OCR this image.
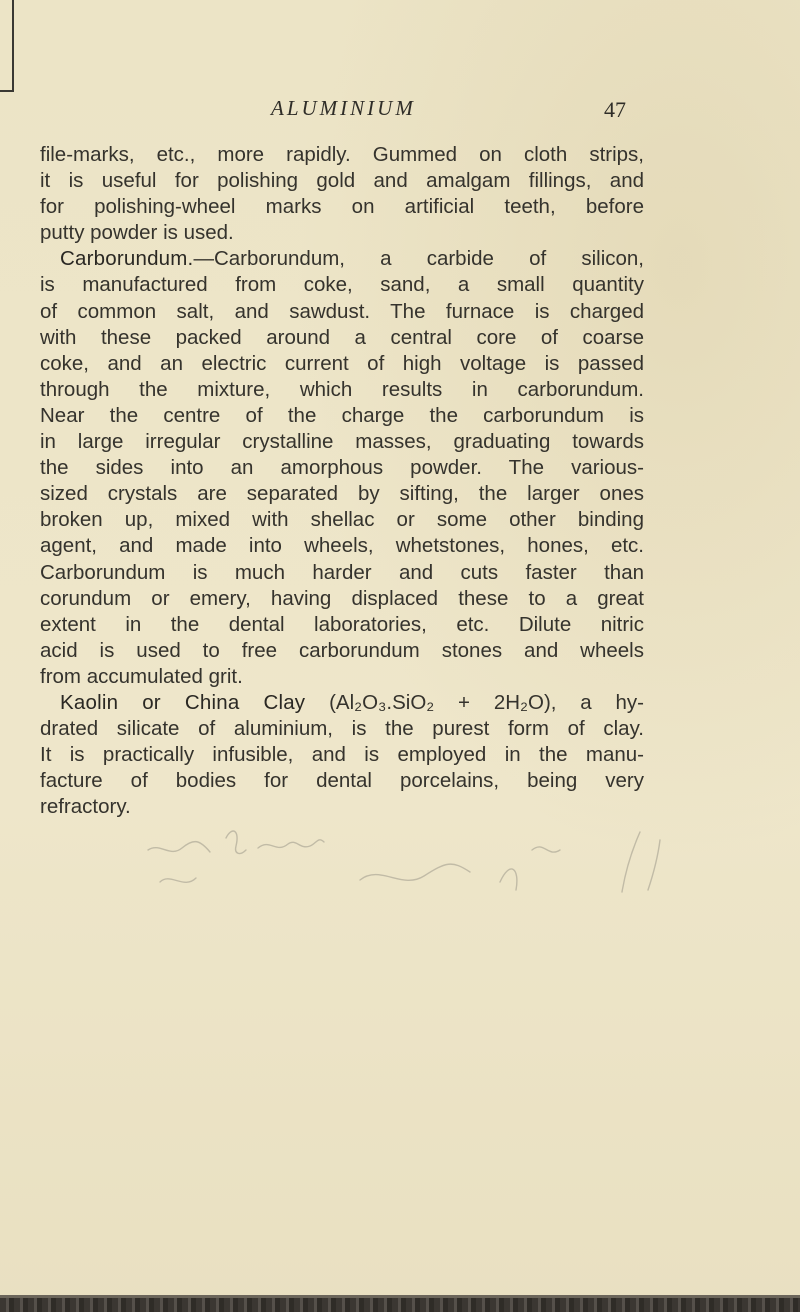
ALUMINIUM	47
file-marks, etc., more rapidly. Gummed on cloth strips,
it is useful for polishing gold and amalgam fillings, and
for polishing-wheel marks on artificial teeth, before
putty powder is used.
Carborundum.—Carborundum, a carbide of silicon,
is manufactured from coke, sand, a small quantity
of common salt, and sawdust. The furnace is charged
with these packed around a central core of coarse
coke, and an electric current of high voltage is passed
through the mixture, which results in carborundum.
Near the centre of the charge the carborundum is
in large irregular crystalline masses, graduating towards
the sides into an amorphous powder. The various-
sized crystals are separated by sifting, the larger ones
broken up, mixed with shellac or some other binding
agent, and made into wheels, whetstones, hones, etc.
Carborundum is much harder and cuts faster than
corundum or emery, having displaced these to a great
extent in the dental laboratories, etc. Dilute nitric
acid is used to free carborundum stones and wheels
from accumulated grit.
Kaolin or China Clay (Al₂O₃.SiO₂ + 2H₂O), a hy-
drated silicate of aluminium, is the purest form of clay.
It is practically infusible, and is employed in the manu-
facture of bodies for dental porcelains, being very
refractory.
